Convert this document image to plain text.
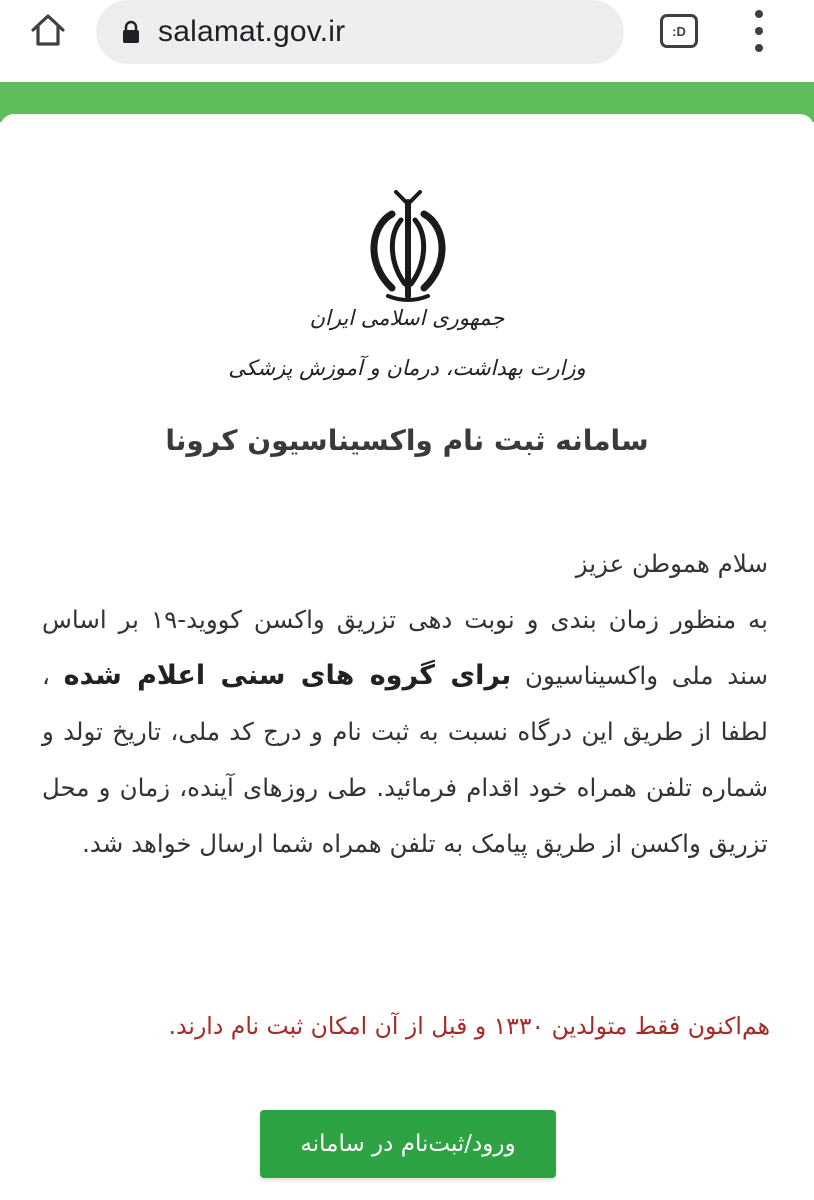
salamat.gov.ir	:D
جمهوری اسلامی ایران
وزارت بهداشت، درمان و آموزش پزشکی
سامانه ثبت نام واکسیناسیون کرونا
سلام هموطن عزیز
به منظور زمان بندی و نوبت دهی تزریق واکسن کووید-۱۹ بر اساس سند ملی واکسیناسیون برای گروه های سنی اعلام شده ، لطفا از طریق این درگاه نسبت به ثبت نام و درج کد ملی، تاریخ تولد و شماره تلفن همراه خود اقدام فرمائید. طی روزهای آینده، زمان و محل تزریق واکسن از طریق پیامک به تلفن همراه شما ارسال خواهد شد.
هم‌اکنون فقط متولدین ۱۳۳۰ و قبل از آن امکان ثبت نام دارند.
ورود/ثبت‌نام در سامانه
